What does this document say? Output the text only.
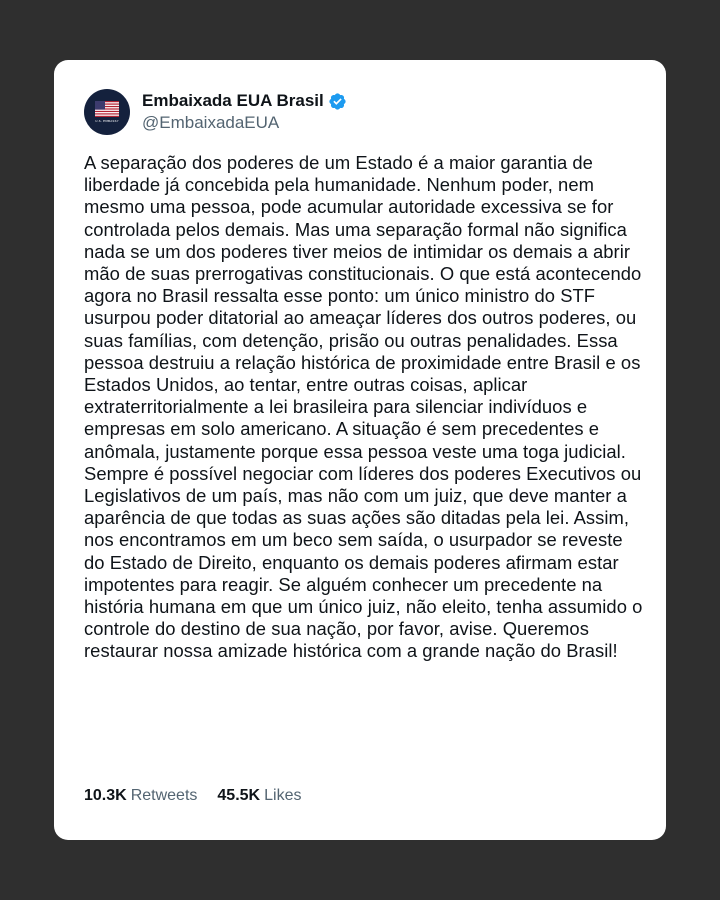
U.S. EMBASSY
Embaixada EUA Brasil
@EmbaixadaEUA
A separação dos poderes de um Estado é a maior garantia de liberdade já concebida pela humanidade. Nenhum poder, nem mesmo uma pessoa, pode acumular autoridade excessiva se for controlada pelos demais. Mas uma separação formal não significa nada se um dos poderes tiver meios de intimidar os demais a abrir mão de suas prerrogativas constitucionais. O que está acontecendo agora no Brasil ressalta esse ponto: um único ministro do STF usurpou poder ditatorial ao ameaçar líderes dos outros poderes, ou suas famílias, com detenção, prisão ou outras penalidades. Essa pessoa destruiu a relação histórica de proximidade entre Brasil e os Estados Unidos, ao tentar, entre outras coisas, aplicar extraterritorialmente a lei brasileira para silenciar indivíduos e empresas em solo americano. A situação é sem precedentes e anômala, justamente porque essa pessoa veste uma toga judicial. Sempre é possível negociar com líderes dos poderes Executivos ou Legislativos de um país, mas não com um juiz, que deve manter a aparência de que todas as suas ações são ditadas pela lei. Assim, nos encontramos em um beco sem saída, o usurpador se reveste do Estado de Direito, enquanto os demais poderes afirmam estar impotentes para reagir. Se alguém conhecer um precedente na história humana em que um único juiz, não eleito, tenha assumido o controle do destino de sua nação, por favor, avise. Queremos restaurar nossa amizade histórica com a grande nação do Brasil!
10.3K Retweets 45.5K Likes
